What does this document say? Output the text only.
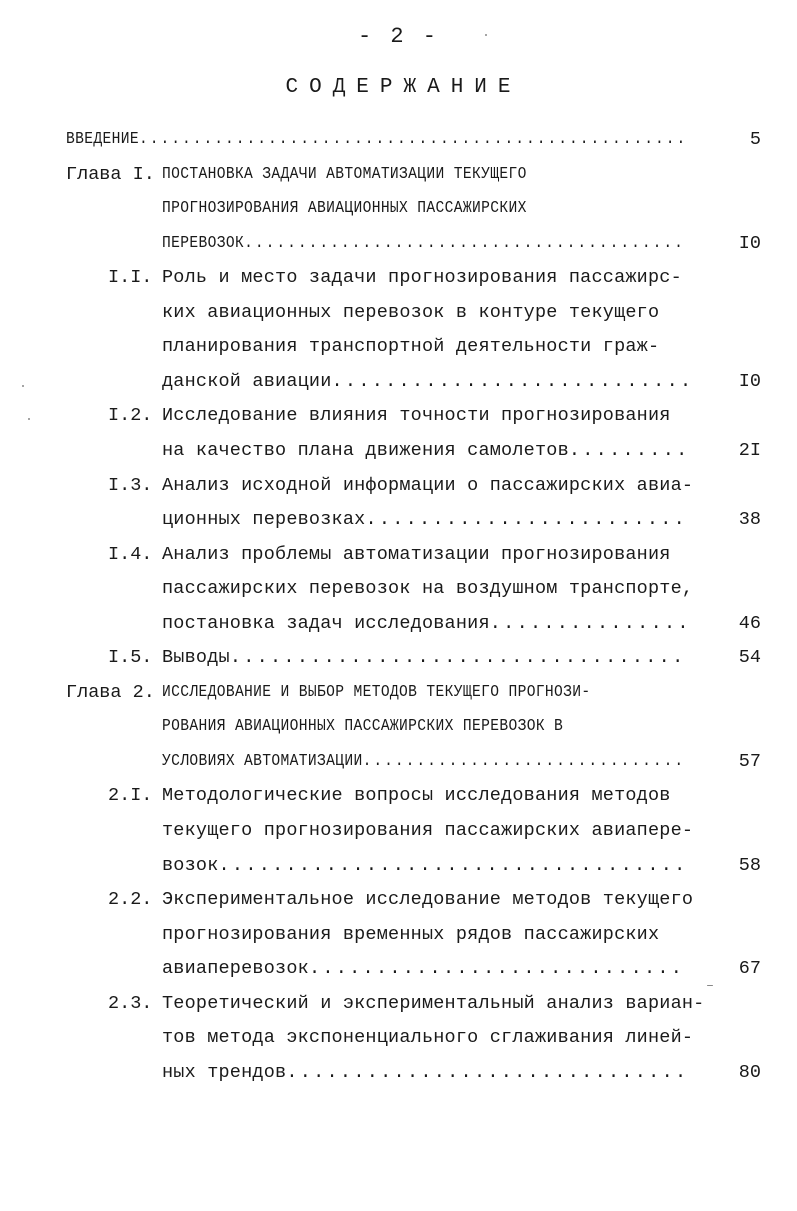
- 2 -
СОДЕРЖАНИЕ
5
ВВЕДЕНИЕ...................................................
Глава I. ПОСТАНОВКА ЗАДАЧИ АВТОМАТИЗАЦИИ ТЕКУЩЕГО
ПРОГНОЗИРОВАНИЯ АВИАЦИОННЫХ ПАССАЖИРСКИХ
I0
ПЕРЕВОЗОК.........................................
I.I. Роль и место задачи прогнозирования пассажирс-
ких авиационных перевозок в контуре текущего
планирования транспортной деятельности граж-
I0
данской авиации...........................
I.2. Исследование влияния точности прогнозирования
2I
на качество плана движения самолетов.........
I.3. Анализ исходной информации о пассажирских авиа-
38
ционных перевозках........................
I.4. Анализ проблемы автоматизации прогнозирования
пассажирских перевозок на воздушном транспорте,
46
постановка задач исследования...............
I.5.	54
Выводы..................................
Глава 2. ИССЛЕДОВАНИЕ И ВЫБОР МЕТОДОВ ТЕКУЩЕГО ПРОГНОЗИ-
РОВАНИЯ АВИАЦИОННЫХ ПАССАЖИРСКИХ ПЕРЕВОЗОК В
57
УСЛОВИЯХ АВТОМАТИЗАЦИИ..............................
2.I. Методологические вопросы исследования методов
текущего прогнозирования пассажирских авиапере-
58
возок...................................
2.2. Экспериментальное исследование методов текущего
прогнозирования временных рядов пассажирских
67
авиаперевозок............................
2.3. Теоретический и экспериментальный анализ вариан-
тов метода экспоненциального сглаживания линей-
80
ных трендов..............................
